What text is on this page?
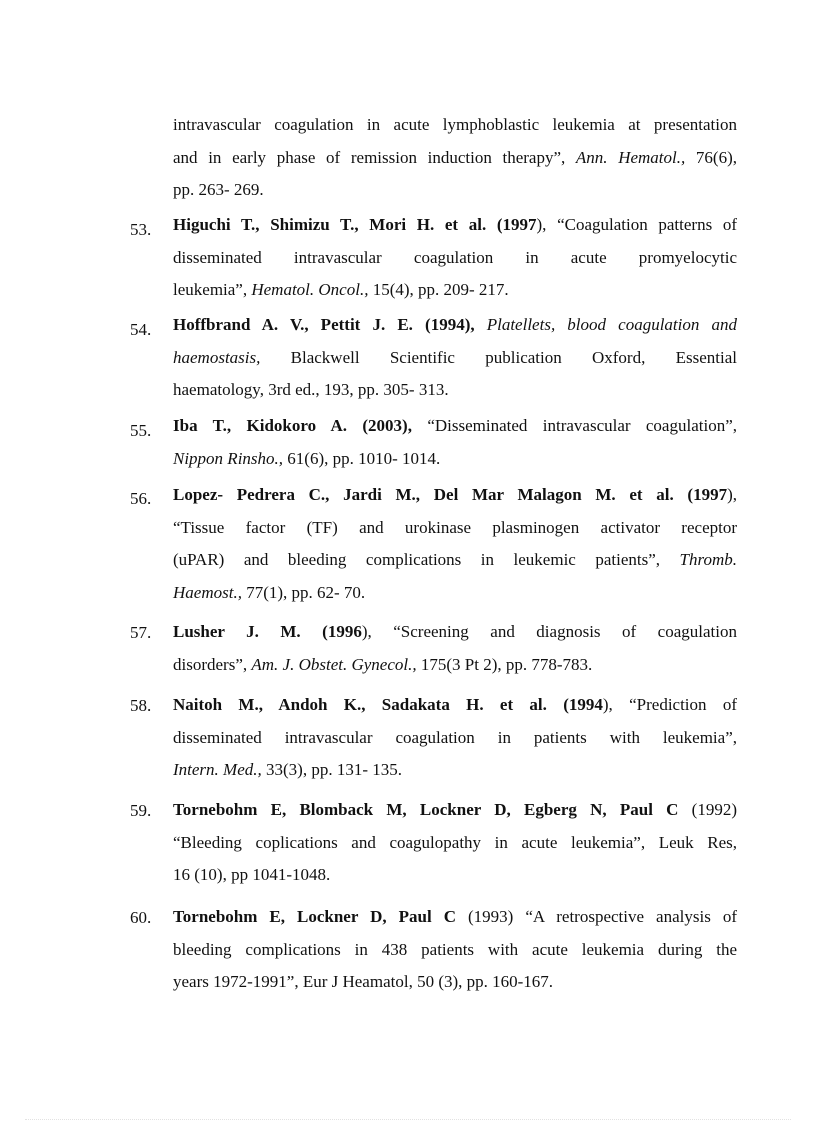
intravascular coagulation in acute lymphoblastic leukemia at presentation
and in early phase of remission induction therapy”, Ann. Hematol., 76(6),
pp. 263- 269.
53. Higuchi T., Shimizu T., Mori H. et al. (1997), “Coagulation patterns of
disseminated intravascular coagulation in acute promyelocytic
leukemia”, Hematol. Oncol., 15(4), pp. 209- 217.
54. Hoffbrand A. V., Pettit J. E. (1994), Platellets, blood coagulation and
haemostasis, Blackwell Scientific publication Oxford, Essential
haematology, 3rd ed., 193, pp. 305- 313.
55. Iba T., Kidokoro A. (2003), “Disseminated intravascular coagulation”,
Nippon Rinsho., 61(6), pp. 1010- 1014.
56. Lopez- Pedrera C., Jardi M., Del Mar Malagon M. et al. (1997),
“Tissue factor (TF) and urokinase plasminogen activator receptor
(uPAR) and bleeding complications in leukemic patients”, Thromb.
Haemost., 77(1), pp. 62- 70.
57. Lusher J. M. (1996), “Screening and diagnosis of coagulation
disorders”, Am. J. Obstet. Gynecol., 175(3 Pt 2), pp. 778-783.
58. Naitoh M., Andoh K., Sadakata H. et al. (1994), “Prediction of
disseminated intravascular coagulation in patients with leukemia”,
Intern. Med., 33(3), pp. 131- 135.
59. Tornebohm E, Blomback M, Lockner D, Egberg N, Paul C (1992)
“Bleeding coplications and coagulopathy in acute leukemia”, Leuk Res,
16 (10), pp 1041-1048.
60. Tornebohm E, Lockner D, Paul C (1993) “A retrospective analysis of
bleeding complications in 438 patients with acute leukemia during the
years 1972-1991”, Eur J Heamatol, 50 (3), pp. 160-167.
